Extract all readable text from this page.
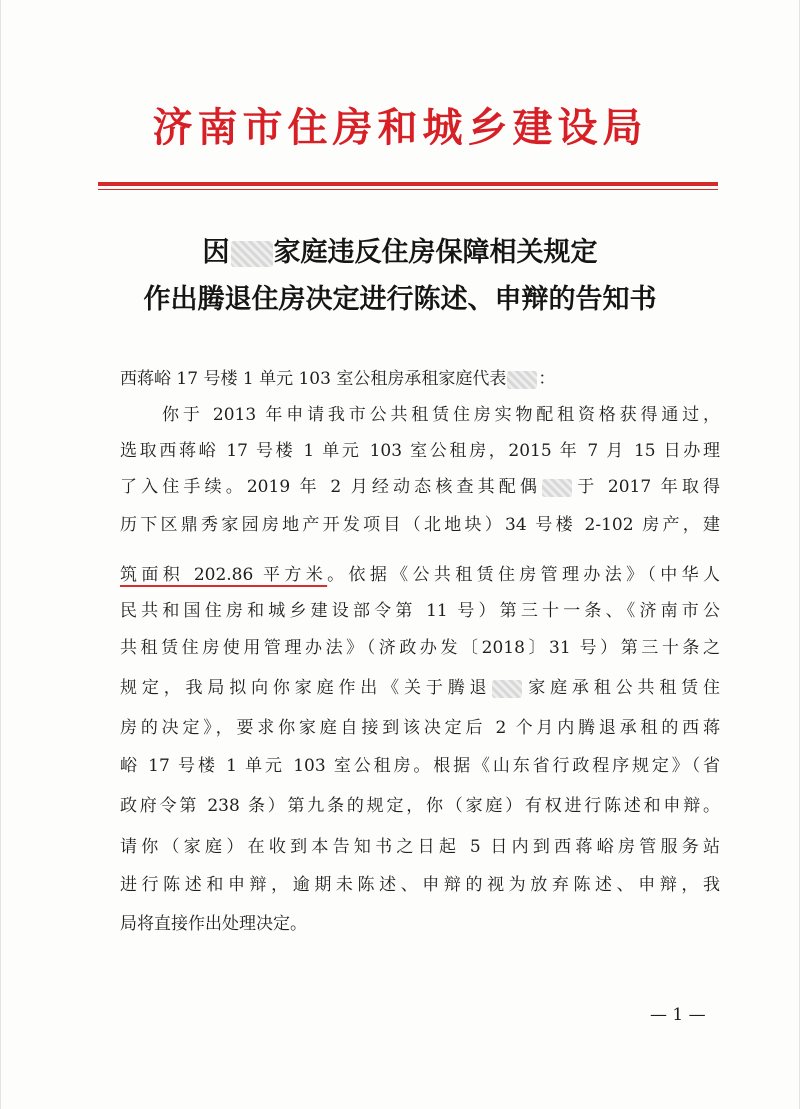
济南市住房和城乡建设局
因 家庭违反住房保障相关规定
作出腾退住房决定进行陈述、申辩的告知书
西蒋峪 17 号楼 1 单元 103 室公租房承租家庭代表 ：
你于 2013 年申请我市公共租赁住房实物配租资格获得通过，
选取西蒋峪 17 号楼 1 单元 103 室公租房，2015 年 7 月 15 日办理
了入住手续。2019 年 2 月经动态核查其配偶 于 2017 年取得
历下区鼎秀家园房地产开发项目（北地块）34 号楼 2-102 房产，建
筑面积 202.86 平方米。依据《公共租赁住房管理办法》（中华人
民共和国住房和城乡建设部令第 11 号）第三十一条、《济南市公
共租赁住房使用管理办法》（济政办发〔2018〕31 号）第三十条之
规定，我局拟向你家庭作出《关于腾退 家庭承租公共租赁住
房的决定》，要求你家庭自接到该决定后 2 个月内腾退承租的西蒋
峪 17 号楼 1 单元 103 室公租房。根据《山东省行政程序规定》（省
政府令第 238 条）第九条的规定，你（家庭）有权进行陈述和申辩。
请你（家庭）在收到本告知书之日起 5 日内到西蒋峪房管服务站
进行陈述和申辩，逾期未陈述、申辩的视为放弃陈述、申辩，我
局将直接作出处理决定。
— 1 —
